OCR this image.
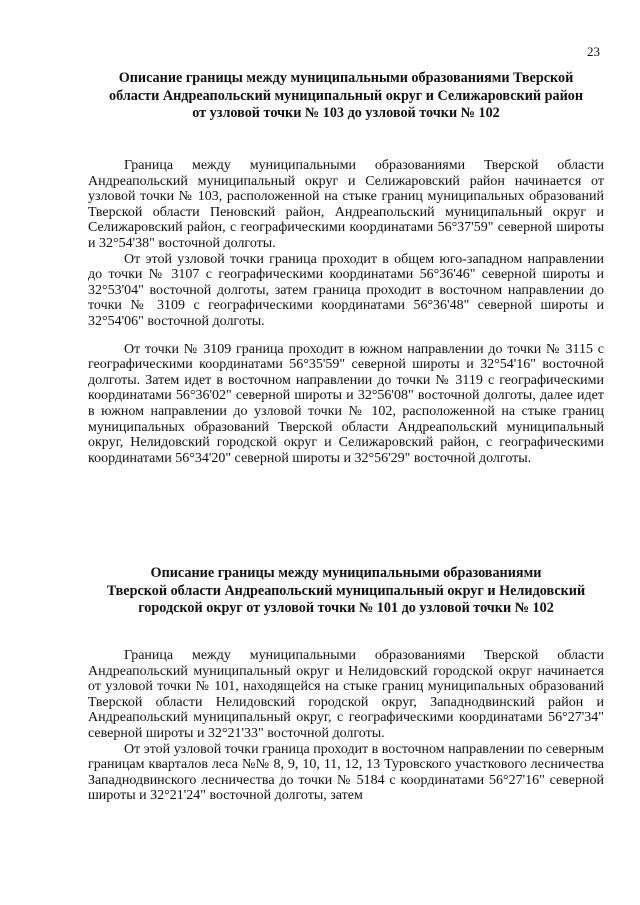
23
Описание границы между муниципальными образованиями Тверской
области Андреапольский муниципальный округ и Селижаровский район
от узловой точки № 103 до узловой точки № 102

Граница между муниципальными образованиями Тверской области Андреапольский муниципальный округ и Селижаровский район начинается от узловой точки № 103, расположенной на стыке границ муниципальных образований Тверской области Пеновский район, Андреапольский муниципальный округ и Селижаровский район, с географическими координатами 56°37'59" северной широты и 32°54'38" восточной долготы.

От этой узловой точки граница проходит в общем юго-западном направлении до точки № 3107 с географическими координатами 56°36'46" северной широты и 32°53'04" восточной долготы, затем граница проходит в восточном направлении до точки № 3109 с географическими координатами 56°36'48" северной широты и 32°54'06" восточной долготы.

От точки № 3109 граница проходит в южном направлении до точки № 3115 с географическими координатами 56°35'59" северной широты и 32°54'16" восточной долготы. Затем идет в восточном направлении до точки № 3119 с географическими координатами 56°36'02" северной широты и 32°56'08" восточной долготы, далее идет в южном направлении до узловой точки № 102, расположенной на стыке границ муниципальных образований Тверской области Андреапольский муниципальный округ, Нелидовский городской округ и Селижаровский район, с географическими координатами 56°34'20" северной широты и 32°56'29" восточной долготы.

Описание границы между муниципальными образованиями
Тверской области Андреапольский муниципальный округ и Нелидовский
городской округ от узловой точки № 101 до узловой точки № 102

Граница между муниципальными образованиями Тверской области Андреапольский муниципальный округ и Нелидовский городской округ начинается от узловой точки № 101, находящейся на стыке границ муниципальных образований Тверской области Нелидовский городской округ, Западнодвинский район и Андреапольский муниципальный округ, с географическими координатами 56°27'34" северной широты и 32°21'33" восточной долготы.

От этой узловой точки граница проходит в восточном направлении по северным границам кварталов леса №№ 8, 9, 10, 11, 12, 13 Туровского участкового лесничества Западнодвинского лесничества до точки № 5184 с координатами 56°27'16" северной широты и 32°21'24" восточной долготы, затем
